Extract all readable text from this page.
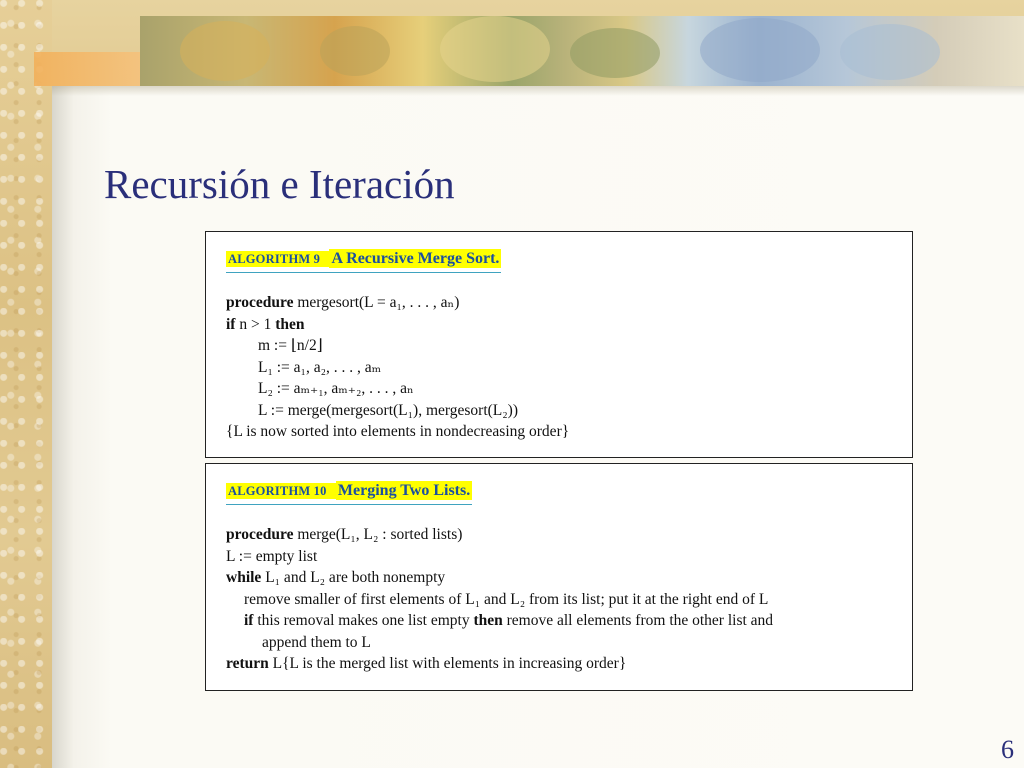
Recursión e Iteración
ALGORITHM 9 A Recursive Merge Sort.
procedure mergesort(L = a₁, . . . , aₙ)
if n > 1 then
m := ⌊n/2⌋
L₁ := a₁, a₂, . . . , aₘ
L₂ := aₘ₊₁, aₘ₊₂, . . . , aₙ
L := merge(mergesort(L₁), mergesort(L₂))
{L is now sorted into elements in nondecreasing order}
ALGORITHM 10 Merging Two Lists.
procedure merge(L₁, L₂ : sorted lists)
L := empty list
while L₁ and L₂ are both nonempty
remove smaller of first elements of L₁ and L₂ from its list; put it at the right end of L
if this removal makes one list empty then remove all elements from the other list and
append them to L
return L{L is the merged list with elements in increasing order}
6
